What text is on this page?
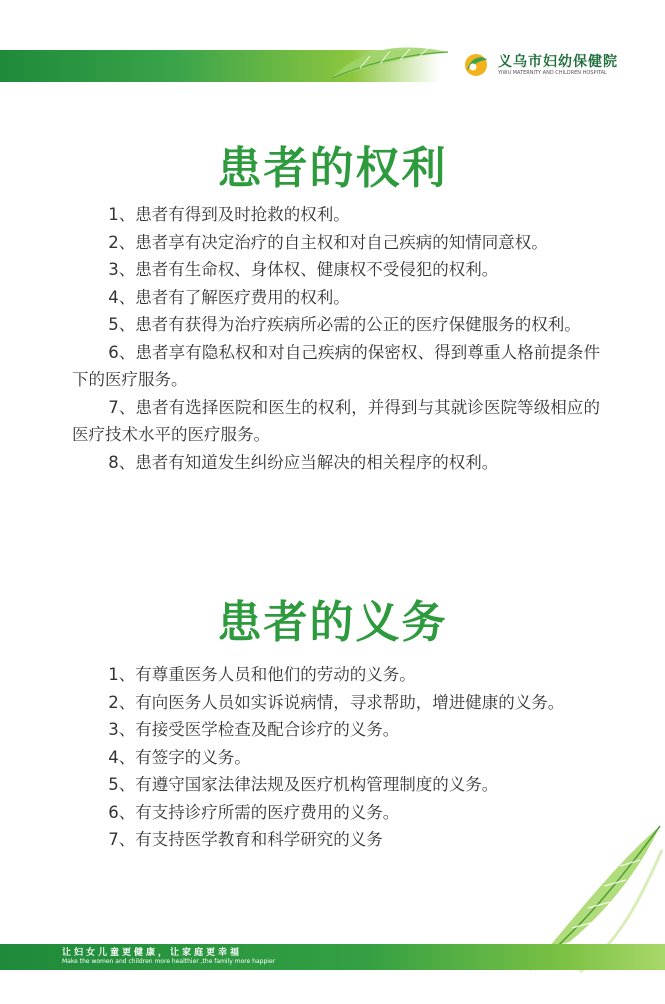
义乌市妇幼保健院
YIWU MATERNITY AND CHILDREN HOSPITAL
患者的权利
1、患者有得到及时抢救的权利。
2、患者享有决定治疗的自主权和对自己疾病的知情同意权。
3、患者有生命权、身体权、健康权不受侵犯的权利。
4、患者有了解医疗费用的权利。
5、患者有获得为治疗疾病所必需的公正的医疗保健服务的权利。
6、患者享有隐私权和对自己疾病的保密权、得到尊重人格前提条件下的医疗服务。
7、患者有选择医院和医生的权利，并得到与其就诊医院等级相应的医疗技术水平的医疗服务。
8、患者有知道发生纠纷应当解决的相关程序的权利。
患者的义务
1、有尊重医务人员和他们的劳动的义务。
2、有向医务人员如实诉说病情，寻求帮助，增进健康的义务。
3、有接受医学检查及配合诊疗的义务。
4、有签字的义务。
5、有遵守国家法律法规及医疗机构管理制度的义务。
6、有支持诊疗所需的医疗费用的义务。
7、有支持医学教育和科学研究的义务
让妇女儿童更健康，让家庭更幸福
Make the women and children more healthier ,the family more happier
